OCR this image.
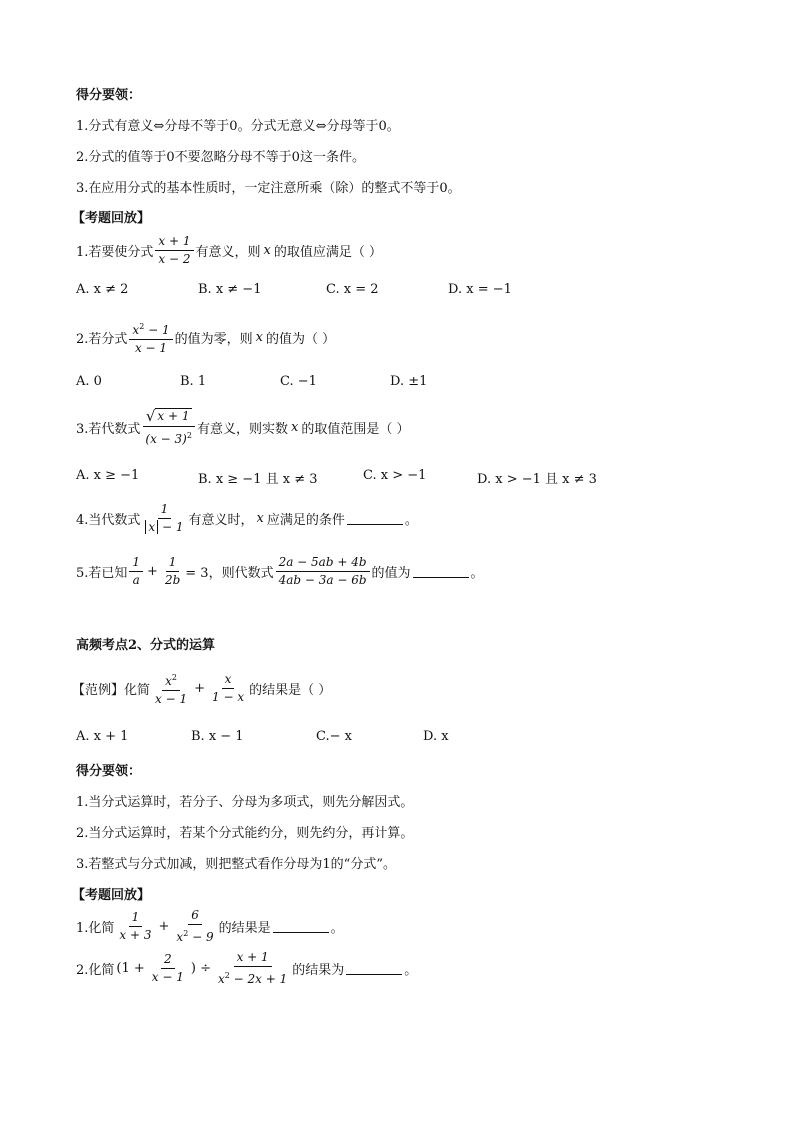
得分要领：
1.分式有意义⇔分母不等于0。分式无意义⇔分母等于0。
2.分式的值等于0不要忽略分母不等于0这一条件。
3.在应用分式的基本性质时，一定注意所乘（除）的整式不等于0。
【考题回放】
1.若要使分式 $\frac{x + 1}{x - 2}$ 有意义，则 x 的取值应满足（ ）
A. x ≠ 2	B. x ≠ −1	C. x = 2	D. x = −1
2.若分式 $\frac{x^2 - 1}{x - 1}$ 的值为零，则 x 的值为（ ）
A. 0	B. 1	C. −1	D. ±1
3.若代数式 $\frac{√ x + 1}{(x - 3)^2}$ 有意义，则实数 x 的取值范围是（ ）
A. x ≥ −1	B. x ≥ −1 且 x ≠ 3	C. x > −1	D. x > −1 且 x ≠ 3
4.当代数式 $\frac{1}{x - 1}$ 有意义时， x 应满足的条件	。
5.若已知 $\frac{1}{a} + \frac{1}{2b} = 3$，则代数式 $\frac{2a - 5ab + 4b}{4ab - 3a - 6b}$ 的值为	。
高频考点2、分式的运算
【范例】化简 $\frac{x^2}{x - 1} + \frac{x}{1 - x}$ 的结果是（ ）
A. x + 1	B. x − 1	C.− x	D. x
得分要领：
1.当分式运算时，若分子、分母为多项式，则先分解因式。
2.当分式运算时，若某个分式能约分，则先约分，再计算。
3.若整式与分式加减，则把整式看作分母为1的“分式”。
【考题回放】
1.化简 $\frac{1}{x + 3} + \frac{6}{x^2 - 9}$ 的结果是	。
2.化简 ($1 + \frac{2}{x - 1}$ ) ÷ $\frac{x + 1}{x^2 - 2x + 1}$ 的结果为	。
